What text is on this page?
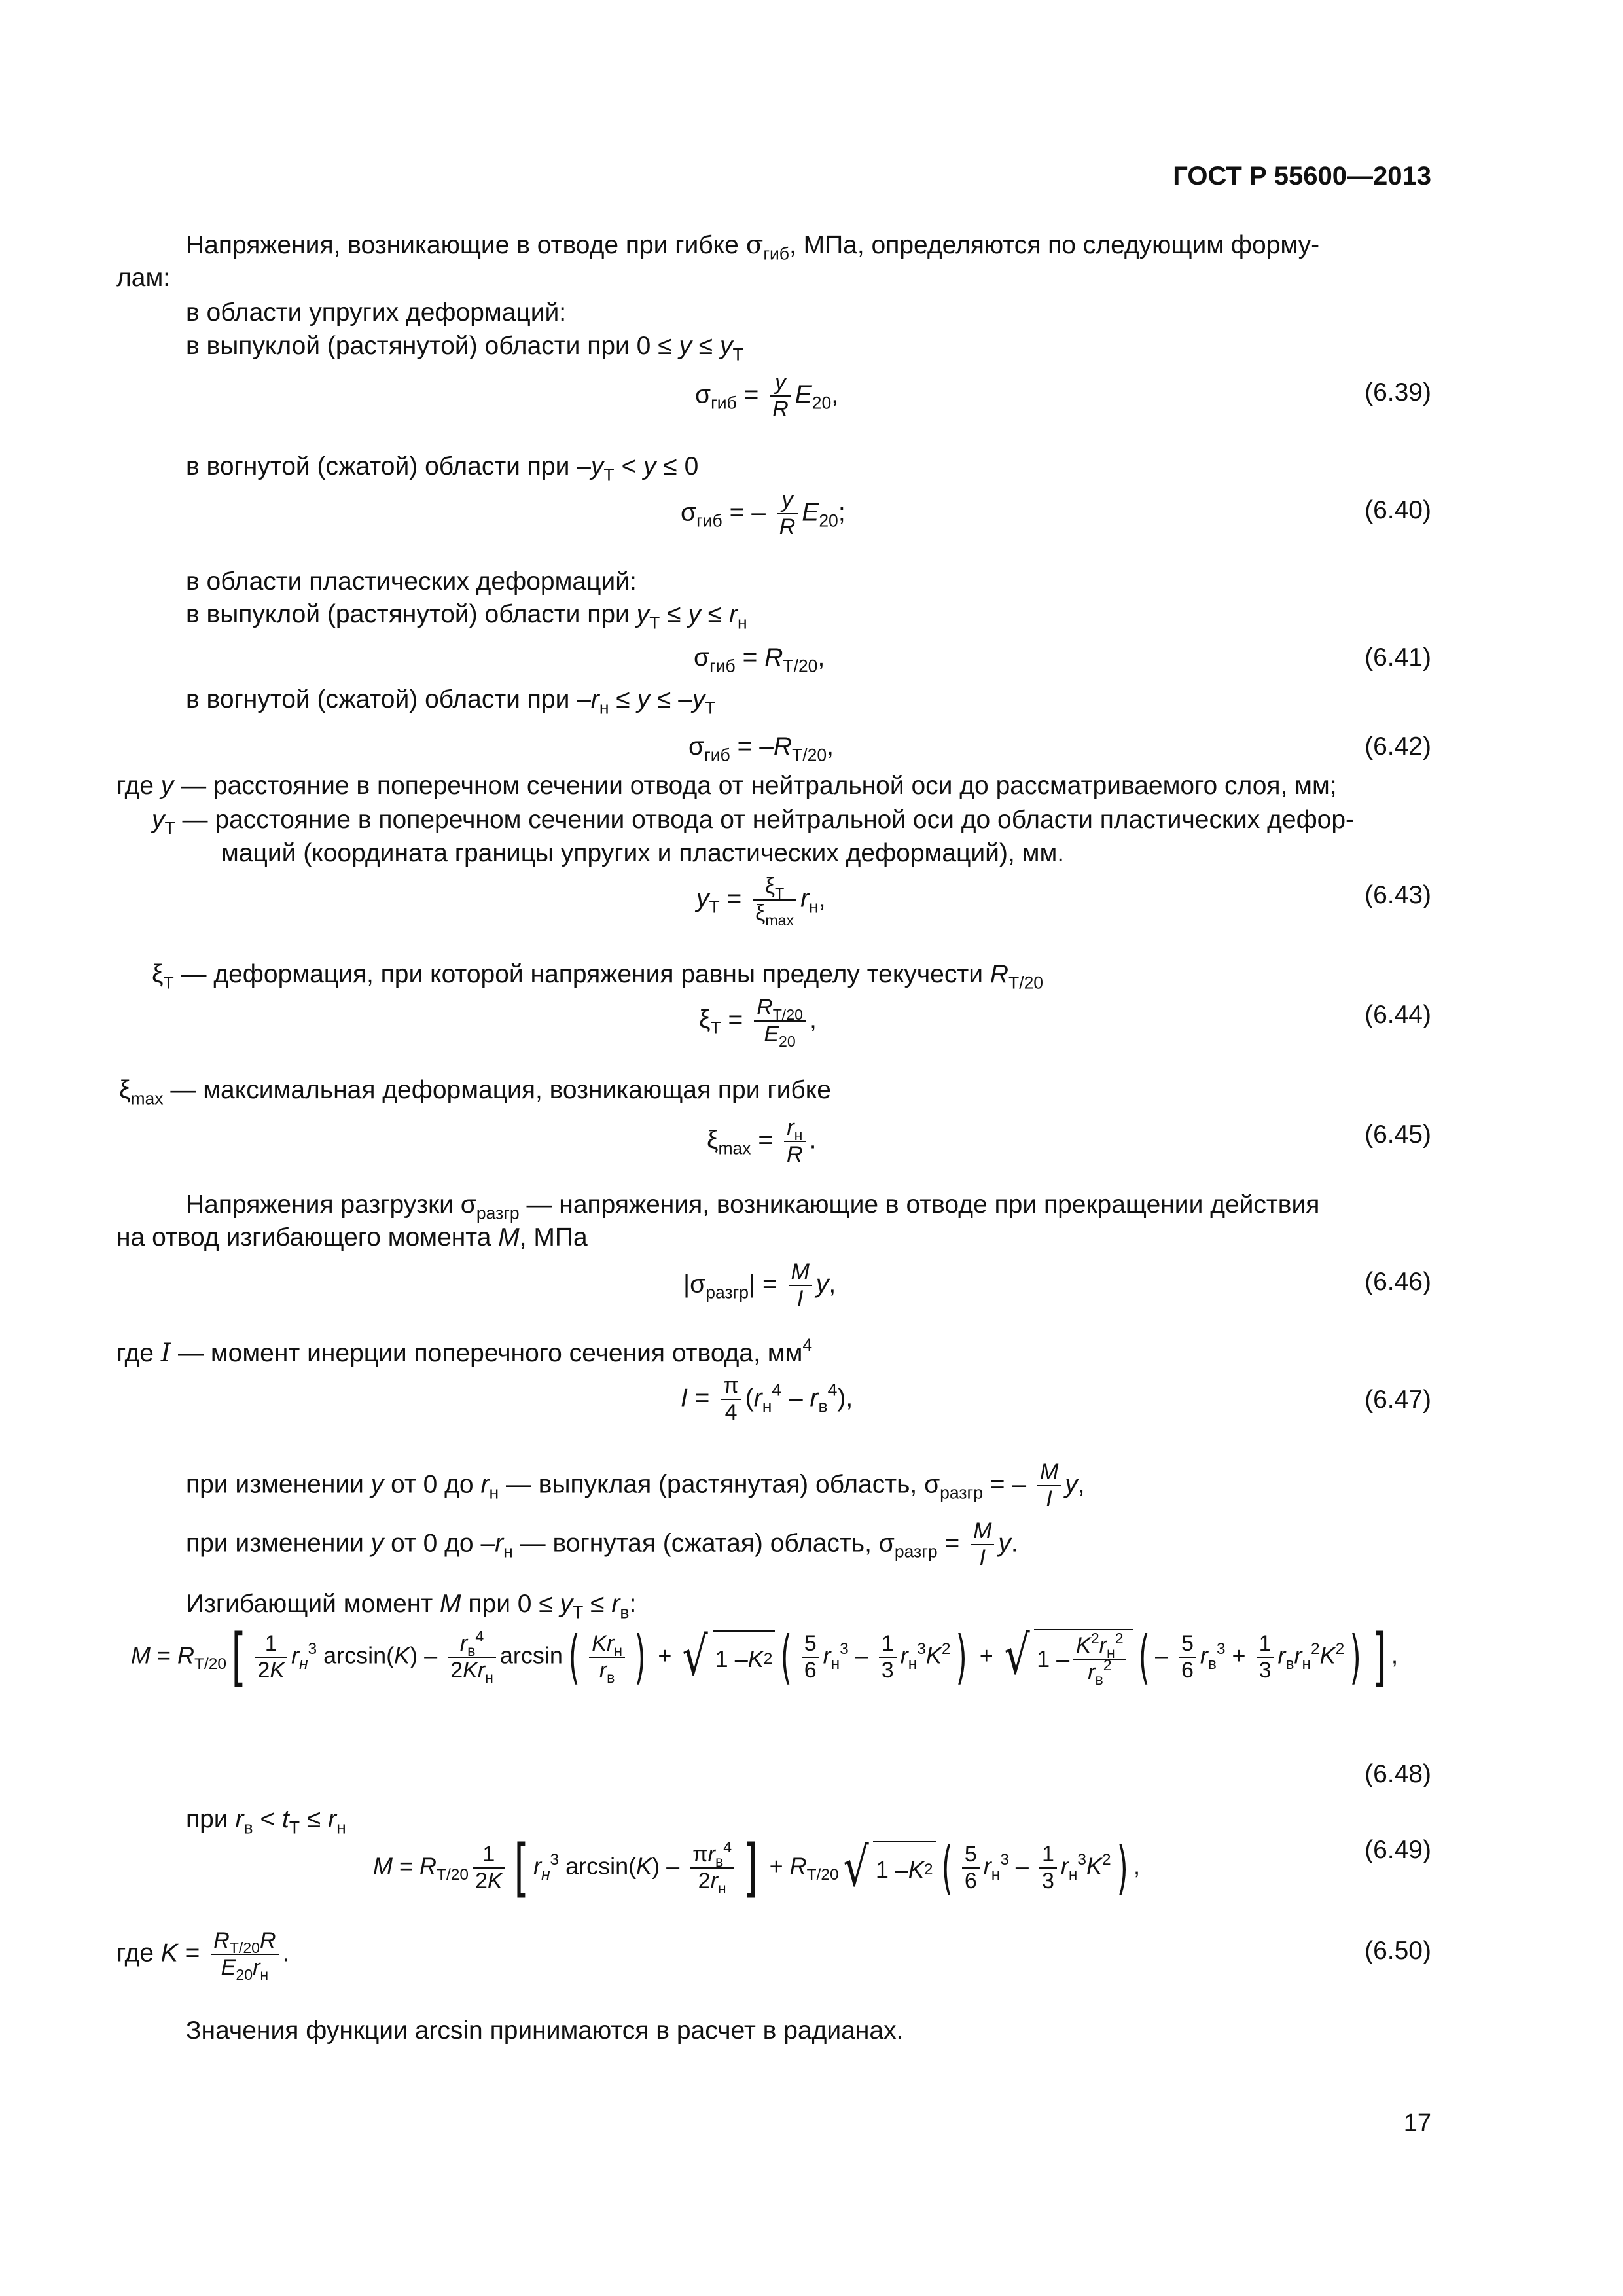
ГОСТ Р 55600—2013
Напряжения, возникающие в отводе при гибке $\sigma_{гиб}$, МПа, определяются по следующим форму-
лам:
в области упругих деформаций:
в выпуклой (растянутой) области при $0 \le y \le y_T$
$\sigma_{гиб} = \frac{y}{R} E_{20}$,	(6.39)
в вогнутой (сжатой) области при $-y_T < y \le 0$
$\sigma_{гиб}$ = – $\frac{y}{R} E_{20}$;	(6.40)
в области пластических деформаций:
в выпуклой (растянутой) области при $y_T \le y \le r_н$
$\sigma_{гиб} = R_{T/20}$,	(6.41)
в вогнутой (сжатой) области при $-r_н \le y \le -y_T$
$\sigma_{гиб} = -R_{T/20}$,	(6.42)
где y — расстояние в поперечном сечении отвода от нейтральной оси до рассматриваемого слоя, мм;
$y_T$ — расстояние в поперечном сечении отвода от нейтральной оси до области пластических дефор-
маций (координата границы упругих и пластических деформаций), мм.
$y_T = \frac{\xi_T}{\xi_{max}} r_н$,	(6.43)
$\xi_T$ — деформация, при которой напряжения равны пределу текучести $R_{T/20}$
$\xi_T = \frac{R_{T/20}}{E_{20}}$ ,	(6.44)
$\xi_{max}$ — максимальная деформация, возникающая при гибке
$\xi_{max} = \frac{r_н}{R}$ .	(6.45)
Напряжения разгрузки $\sigma_{разгр}$ — напряжения, возникающие в отводе при прекращении действия
на отвод изгибающего момента M, МПа
$|\sigma_{разгр}| = \frac{M}{I} y$,	(6.46)
где I — момент инерции поперечного сечения отвода, $мм^4$
$I = \frac{\pi}{4} (r_н^4 - r_в^4)$,	(6.47)
при изменении y от 0 до $r_н$ — выпуклая (растянутая) область, $\sigma_{разгр}$ = – $\frac{M}{I} y$,
при изменении y от 0 до $-r_н$ — вогнутая (сжатая) область, $\sigma_{разгр} = \frac{M}{I} y$.
Изгибающий момент M при $0 \le y_T \le r_в$:
$M = R_{T/20}[ \frac{1}{2K} r_н^3$ $\arcsin(K) - \frac{r_в^4}{2Kr_н} \arcsin( \frac{Kr_н}{r_в}$ ) + √ 1 – K 2 ( $\frac{5}{6} r_н^3 - \frac{1}{3} r_н^3K^2$) + √ $1 - \frac{K^2r_н^2}{r_в^2}$ ( – $\frac{5}{6} r_в^3 + \frac{1}{3} r_вr_н^2K^2$) ] ,
(6.48)
при $r_в < t_T \le r_н$
$M = R_{T/20} \frac{1}{2K}$ [ $r_н^3$ $\arcsin(K) - \frac{\pi r_в^4}{2r_н}$ ] + $R_{T/20}$ √ 1 – K 2 ( $\frac{5}{6} r_н^3 - \frac{1}{3} r_н^3K^2$) ,
(6.49)
где $K = \frac{R_{T/20}R}{E_{20}r_н}$ .	(6.50)
Значения функции arcsin принимаются в расчет в радианах.
17
